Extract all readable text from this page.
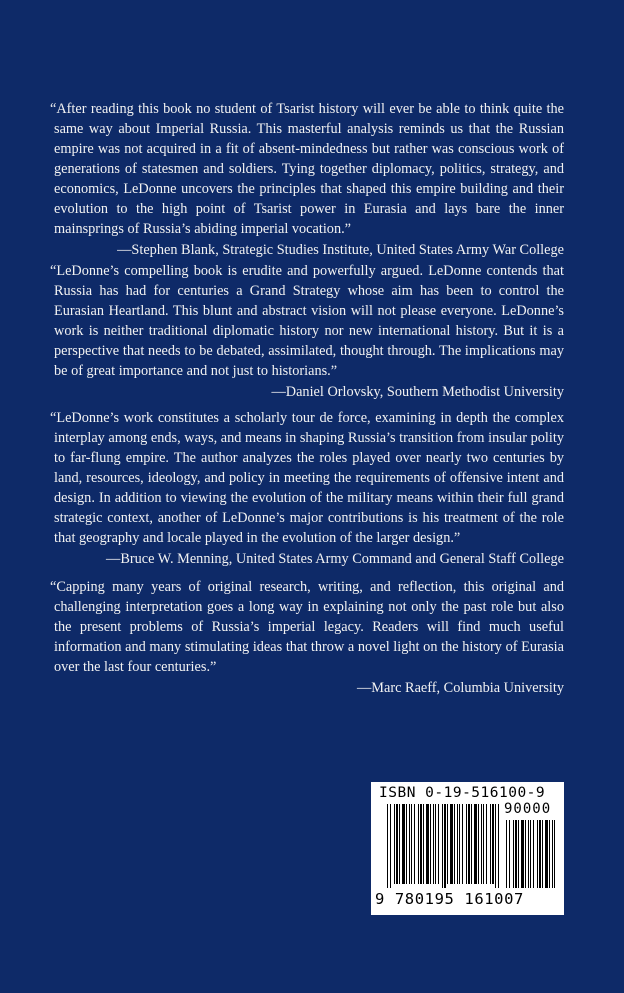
“After reading this book no student of Tsarist history will ever be able to think quite the same way about Imperial Russia. This masterful analysis reminds us that the Russian empire was not acquired in a fit of absent-mindedness but rather was conscious work of generations of statesmen and soldiers. Tying together diplomacy, politics, strategy, and economics, LeDonne uncovers the principles that shaped this empire building and their evolution to the high point of Tsarist power in Eurasia and lays bare the inner mainsprings of Russia’s abiding imperial vocation.”

—Stephen Blank, Strategic Studies Institute, United States Army War College

“LeDonne’s compelling book is erudite and powerfully argued. LeDonne contends that Russia has had for centuries a Grand Strategy whose aim has been to control the Eurasian Heartland. This blunt and abstract vision will not please everyone. LeDonne’s work is neither traditional diplomatic history nor new international history. But it is a perspective that needs to be debated, assimilated, thought through. The implications may be of great importance and not just to historians.”

—Daniel Orlovsky, Southern Methodist University

“LeDonne’s work constitutes a scholarly tour de force, examining in depth the complex interplay among ends, ways, and means in shaping Russia’s transition from insular polity to far-flung empire. The author analyzes the roles played over nearly two centuries by land, resources, ideology, and policy in meeting the requirements of offensive intent and design. In addition to viewing the evolution of the military means within their full grand strategic context, another of LeDonne’s major contributions is his treatment of the role that geography and locale played in the evolution of the larger design.”

—Bruce W. Menning, United States Army Command and General Staff College

“Capping many years of original research, writing, and reflection, this original and challenging interpretation goes a long way in explaining not only the past role but also the present problems of Russia’s imperial legacy. Readers will find much useful information and many stimulating ideas that throw a novel light on the history of Eurasia over the last four centuries.”

—Marc Raeff, Columbia University

ISBN 0-19-516100-9
90000
9 780195 161007
